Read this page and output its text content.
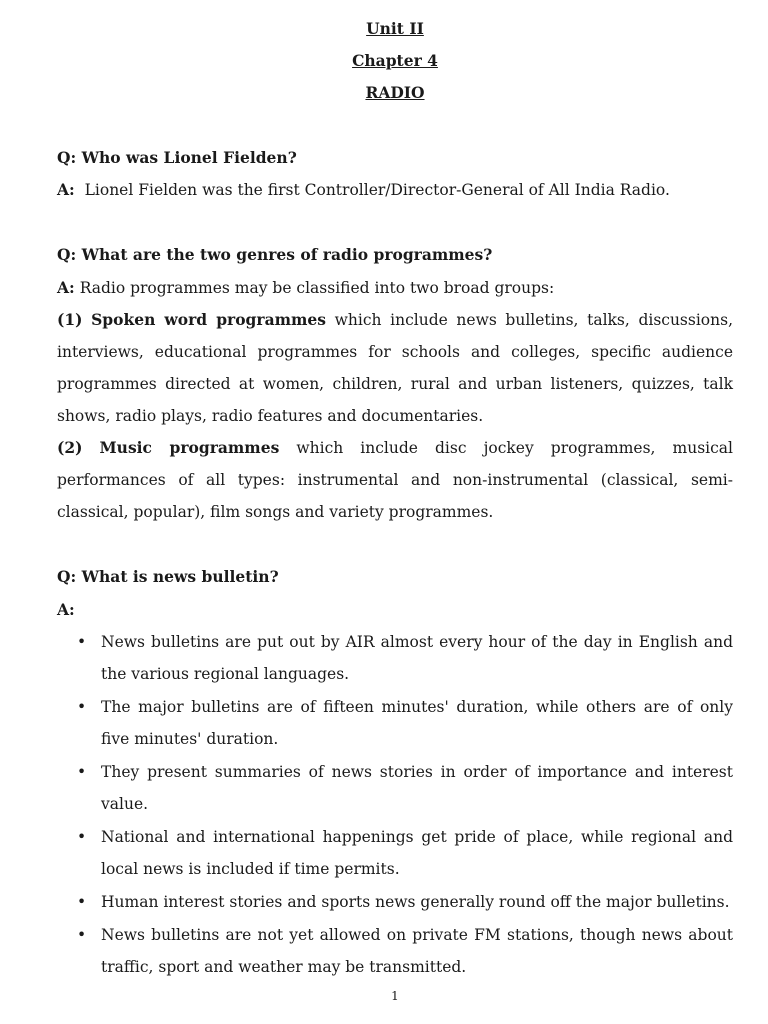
Unit II
Chapter 4
RADIO
Q: Who was Lionel Fielden?
A: Lionel Fielden was the first Controller/Director-General of All India Radio.
Q: What are the two genres of radio programmes?
A: Radio programmes may be classified into two broad groups:
(1) Spoken word programmes which include news bulletins, talks, discussions, interviews, educational programmes for schools and colleges, specific audience programmes directed at women, children, rural and urban listeners, quizzes, talk shows, radio plays, radio features and documentaries.
(2) Music programmes which include disc jockey programmes, musical performances of all types: instrumental and non-instrumental (classical, semi-classical, popular), film songs and variety programmes.
Q: What is news bulletin?
A:
• News bulletins are put out by AIR almost every hour of the day in English and the various regional languages.
• The major bulletins are of fifteen minutes' duration, while others are of only five minutes' duration.
• They present summaries of news stories in order of importance and interest value.
• National and international happenings get pride of place, while regional and local news is included if time permits.
• Human interest stories and sports news generally round off the major bulletins.
• News bulletins are not yet allowed on private FM stations, though news about traffic, sport and weather may be transmitted.
1
